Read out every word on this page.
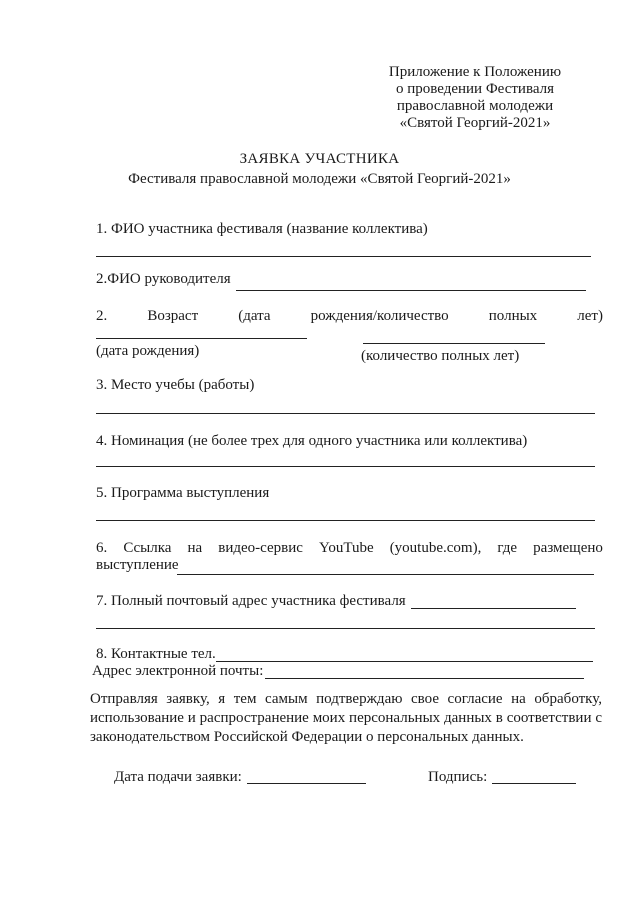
Приложение к Положению
о проведении Фестиваля
православной молодежи
«Святой Георгий-2021»
ЗАЯВКА УЧАСТНИКА
Фестиваля православной молодежи «Святой Георгий-2021»
1. ФИО участника фестиваля (название коллектива)
2.ФИО руководителя
2.	Возраст	(дата	рождения/количество	полных	лет)
(дата рождения)	(количество полных лет)
3. Место учебы (работы)
4. Номинация (не более трех для одного участника или коллектива)
5. Программа выступления
6. Ссылка на видео-сервис YouTube (youtube.com), где размещено
выступление
7. Полный почтовый адрес участника фестиваля
8. Контактные тел.
Адрес электронной почты:
Отправляя заявку, я тем самым подтверждаю свое согласие на обработку, использование и распространение моих персональных данных в соответствии с законодательством Российской Федерации о персональных данных.
Дата подачи заявки:	Подпись:
